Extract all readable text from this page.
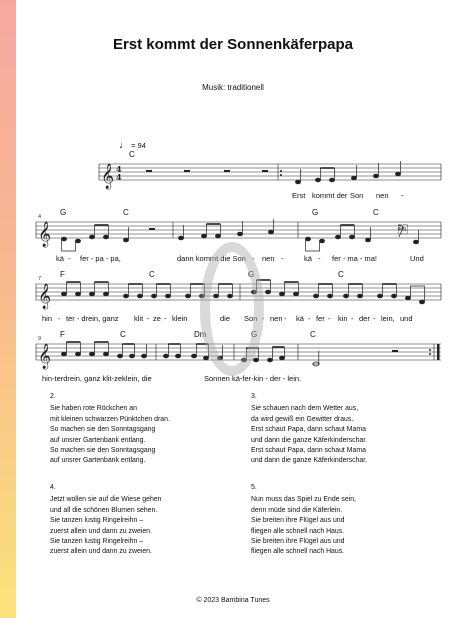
Erst kommt der Sonnenkäferpapa
Musik: traditionell
♩ = 94
C
𝄞 4
4
Erst kommt der Son nen -
4 G	C	G	C
𝄞	
kä - fer - pa - pa,	dann kommt die Son - nen -	kä - fer - ma - ma!	Und
7 F	C	G	C
𝄞
hin - ter - drein, ganz klit - ze - klein	die Son - nen - kä - fer - kin - der - lein, und
9 F	C	Dm	G	C
𝄞
hin-terdrein, ganz klit-zeklein, die	Sonnen kä-fer-kin - der - lein.
2.
Sie haben rote Röckchen an
mit kleinen schwarzen Pünktchen dran.
So machen sie den Sonntagsgang
auf unsrer Gartenbank entlang.
So machen sie den Sonntagsgang
auf unsrer Gartenbank entlang.
3.
Sie schauen nach dem Wetter aus,
da wird gewiß ein Gewitter draus.
Erst schaut Papa, dann schaut Mama
und dann die ganze Käferkinderschar.
Erst schaut Papa, dann schaut Mama
und dann die ganze Käferkinderschar.
4.
Jetzt wollen sie auf die Wiese gehen
und all die schönen Blumen sehen.
Sie tanzen lustig Ringelreihn –
zuerst allein und dann zu zweien.
Sie tanzen lustig Ringelreihn –
zuerst allein und dann zu zweien.
5.
Nun muss das Spiel zu Ende sein,
denn müde sind die Käferlein.
Sie breiten ihre Flügel aus und
fliegen alle schnell nach Haus.
Sie breiten ihre Flügel aus und
fliegen alle schnell nach Haus.
© 2023 Bambina Tunes
